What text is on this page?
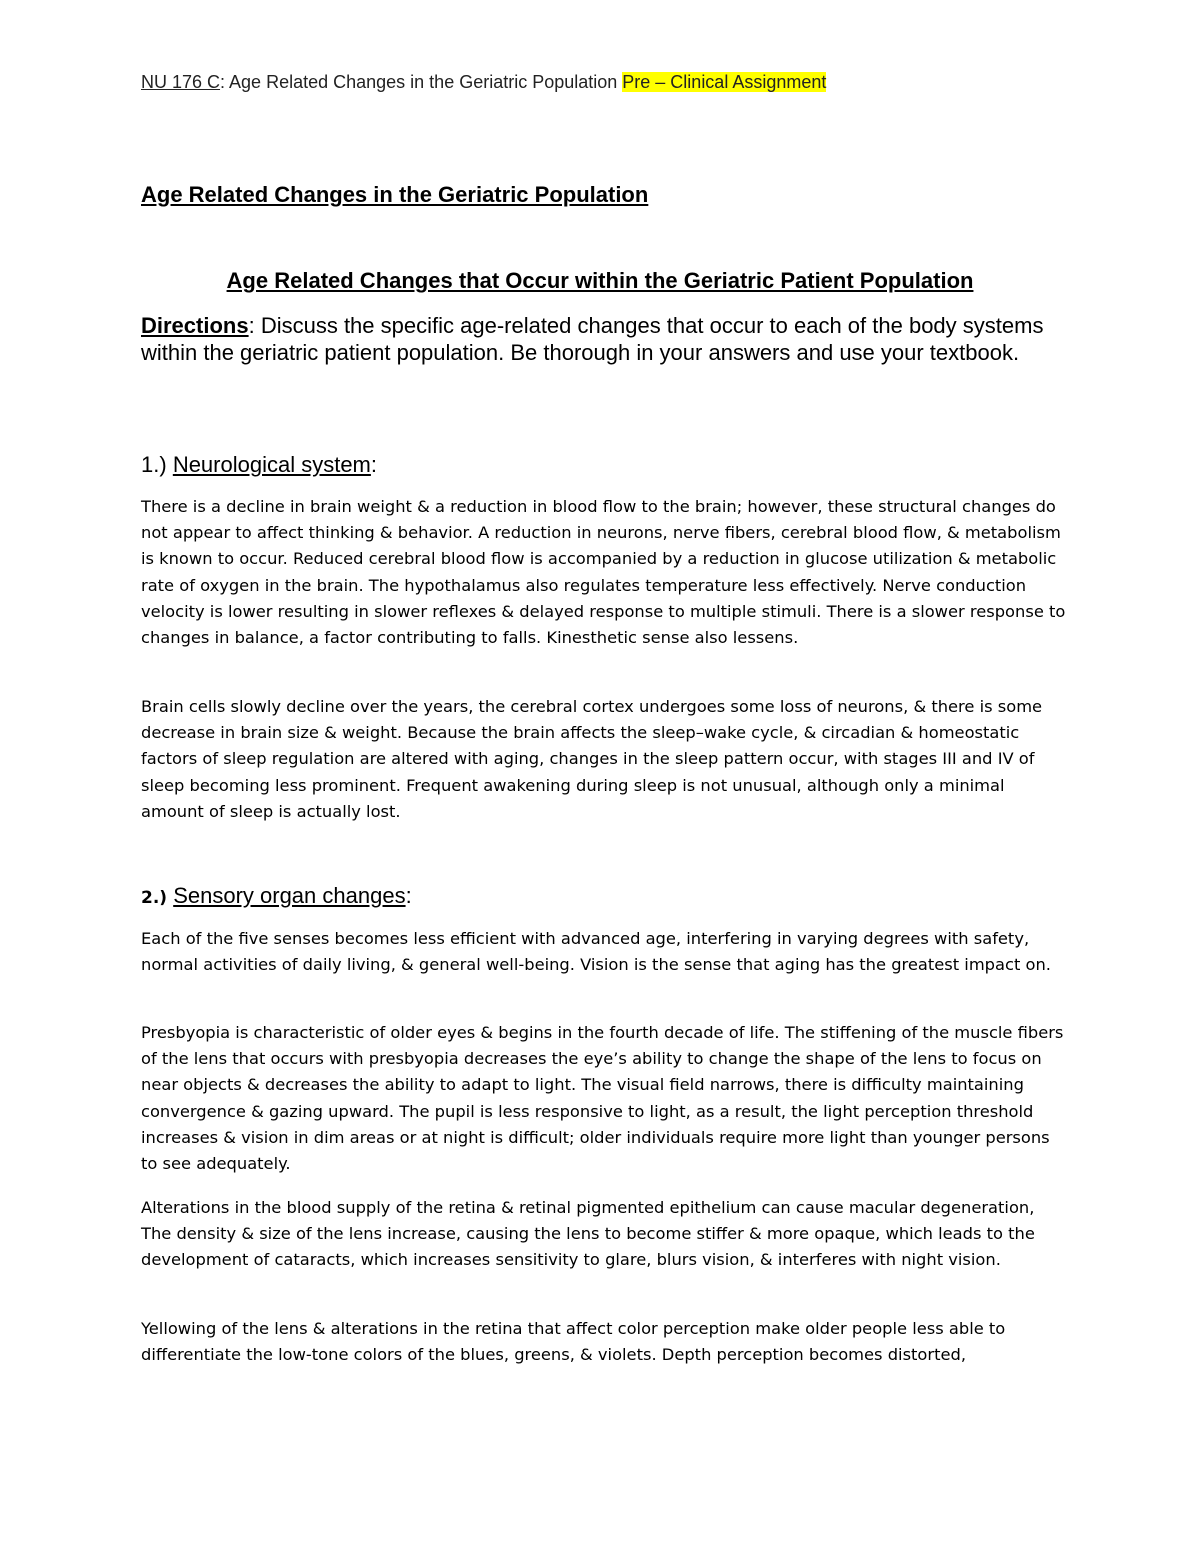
NU 176 C: Age Related Changes in the Geriatric Population Pre – Clinical Assignment
Age Related Changes in the Geriatric Population
Age Related Changes that Occur within the Geriatric Patient Population

Directions: Discuss the specific age-related changes that occur to each of the body systems within the geriatric patient population. Be thorough in your answers and use your textbook.

1.) Neurological system:

There is a decline in brain weight & a reduction in blood flow to the brain; however, these structural changes do not appear to affect thinking & behavior. A reduction in neurons, nerve fibers, cerebral blood flow, & metabolism is known to occur. Reduced cerebral blood flow is accompanied by a reduction in glucose utilization & metabolic rate of oxygen in the brain. The hypothalamus also regulates temperature less effectively. Nerve conduction velocity is lower resulting in slower reflexes & delayed response to multiple stimuli. There is a slower response to changes in balance, a factor contributing to falls. Kinesthetic sense also lessens.

Brain cells slowly decline over the years, the cerebral cortex undergoes some loss of neurons, & there is some decrease in brain size & weight. Because the brain affects the sleep–wake cycle, & circadian & homeostatic factors of sleep regulation are altered with aging, changes in the sleep pattern occur, with stages III and IV of sleep becoming less prominent. Frequent awakening during sleep is not unusual, although only a minimal amount of sleep is actually lost.

2.) Sensory organ changes:

Each of the five senses becomes less efficient with advanced age, interfering in varying degrees with safety, normal activities of daily living, & general well-being. Vision is the sense that aging has the greatest impact on.

Presbyopia is characteristic of older eyes & begins in the fourth decade of life. The stiffening of the muscle fibers of the lens that occurs with presbyopia decreases the eye’s ability to change the shape of the lens to focus on near objects & decreases the ability to adapt to light. The visual field narrows, there is difficulty maintaining convergence & gazing upward. The pupil is less responsive to light, as a result, the light perception threshold increases & vision in dim areas or at night is difficult; older individuals require more light than younger persons to see adequately.

Alterations in the blood supply of the retina & retinal pigmented epithelium can cause macular degeneration, The density & size of the lens increase, causing the lens to become stiffer & more opaque, which leads to the development of cataracts, which increases sensitivity to glare, blurs vision, & interferes with night vision.

Yellowing of the lens & alterations in the retina that affect color perception make older people less able to differentiate the low-tone colors of the blues, greens, & violets. Depth perception becomes distorted,
